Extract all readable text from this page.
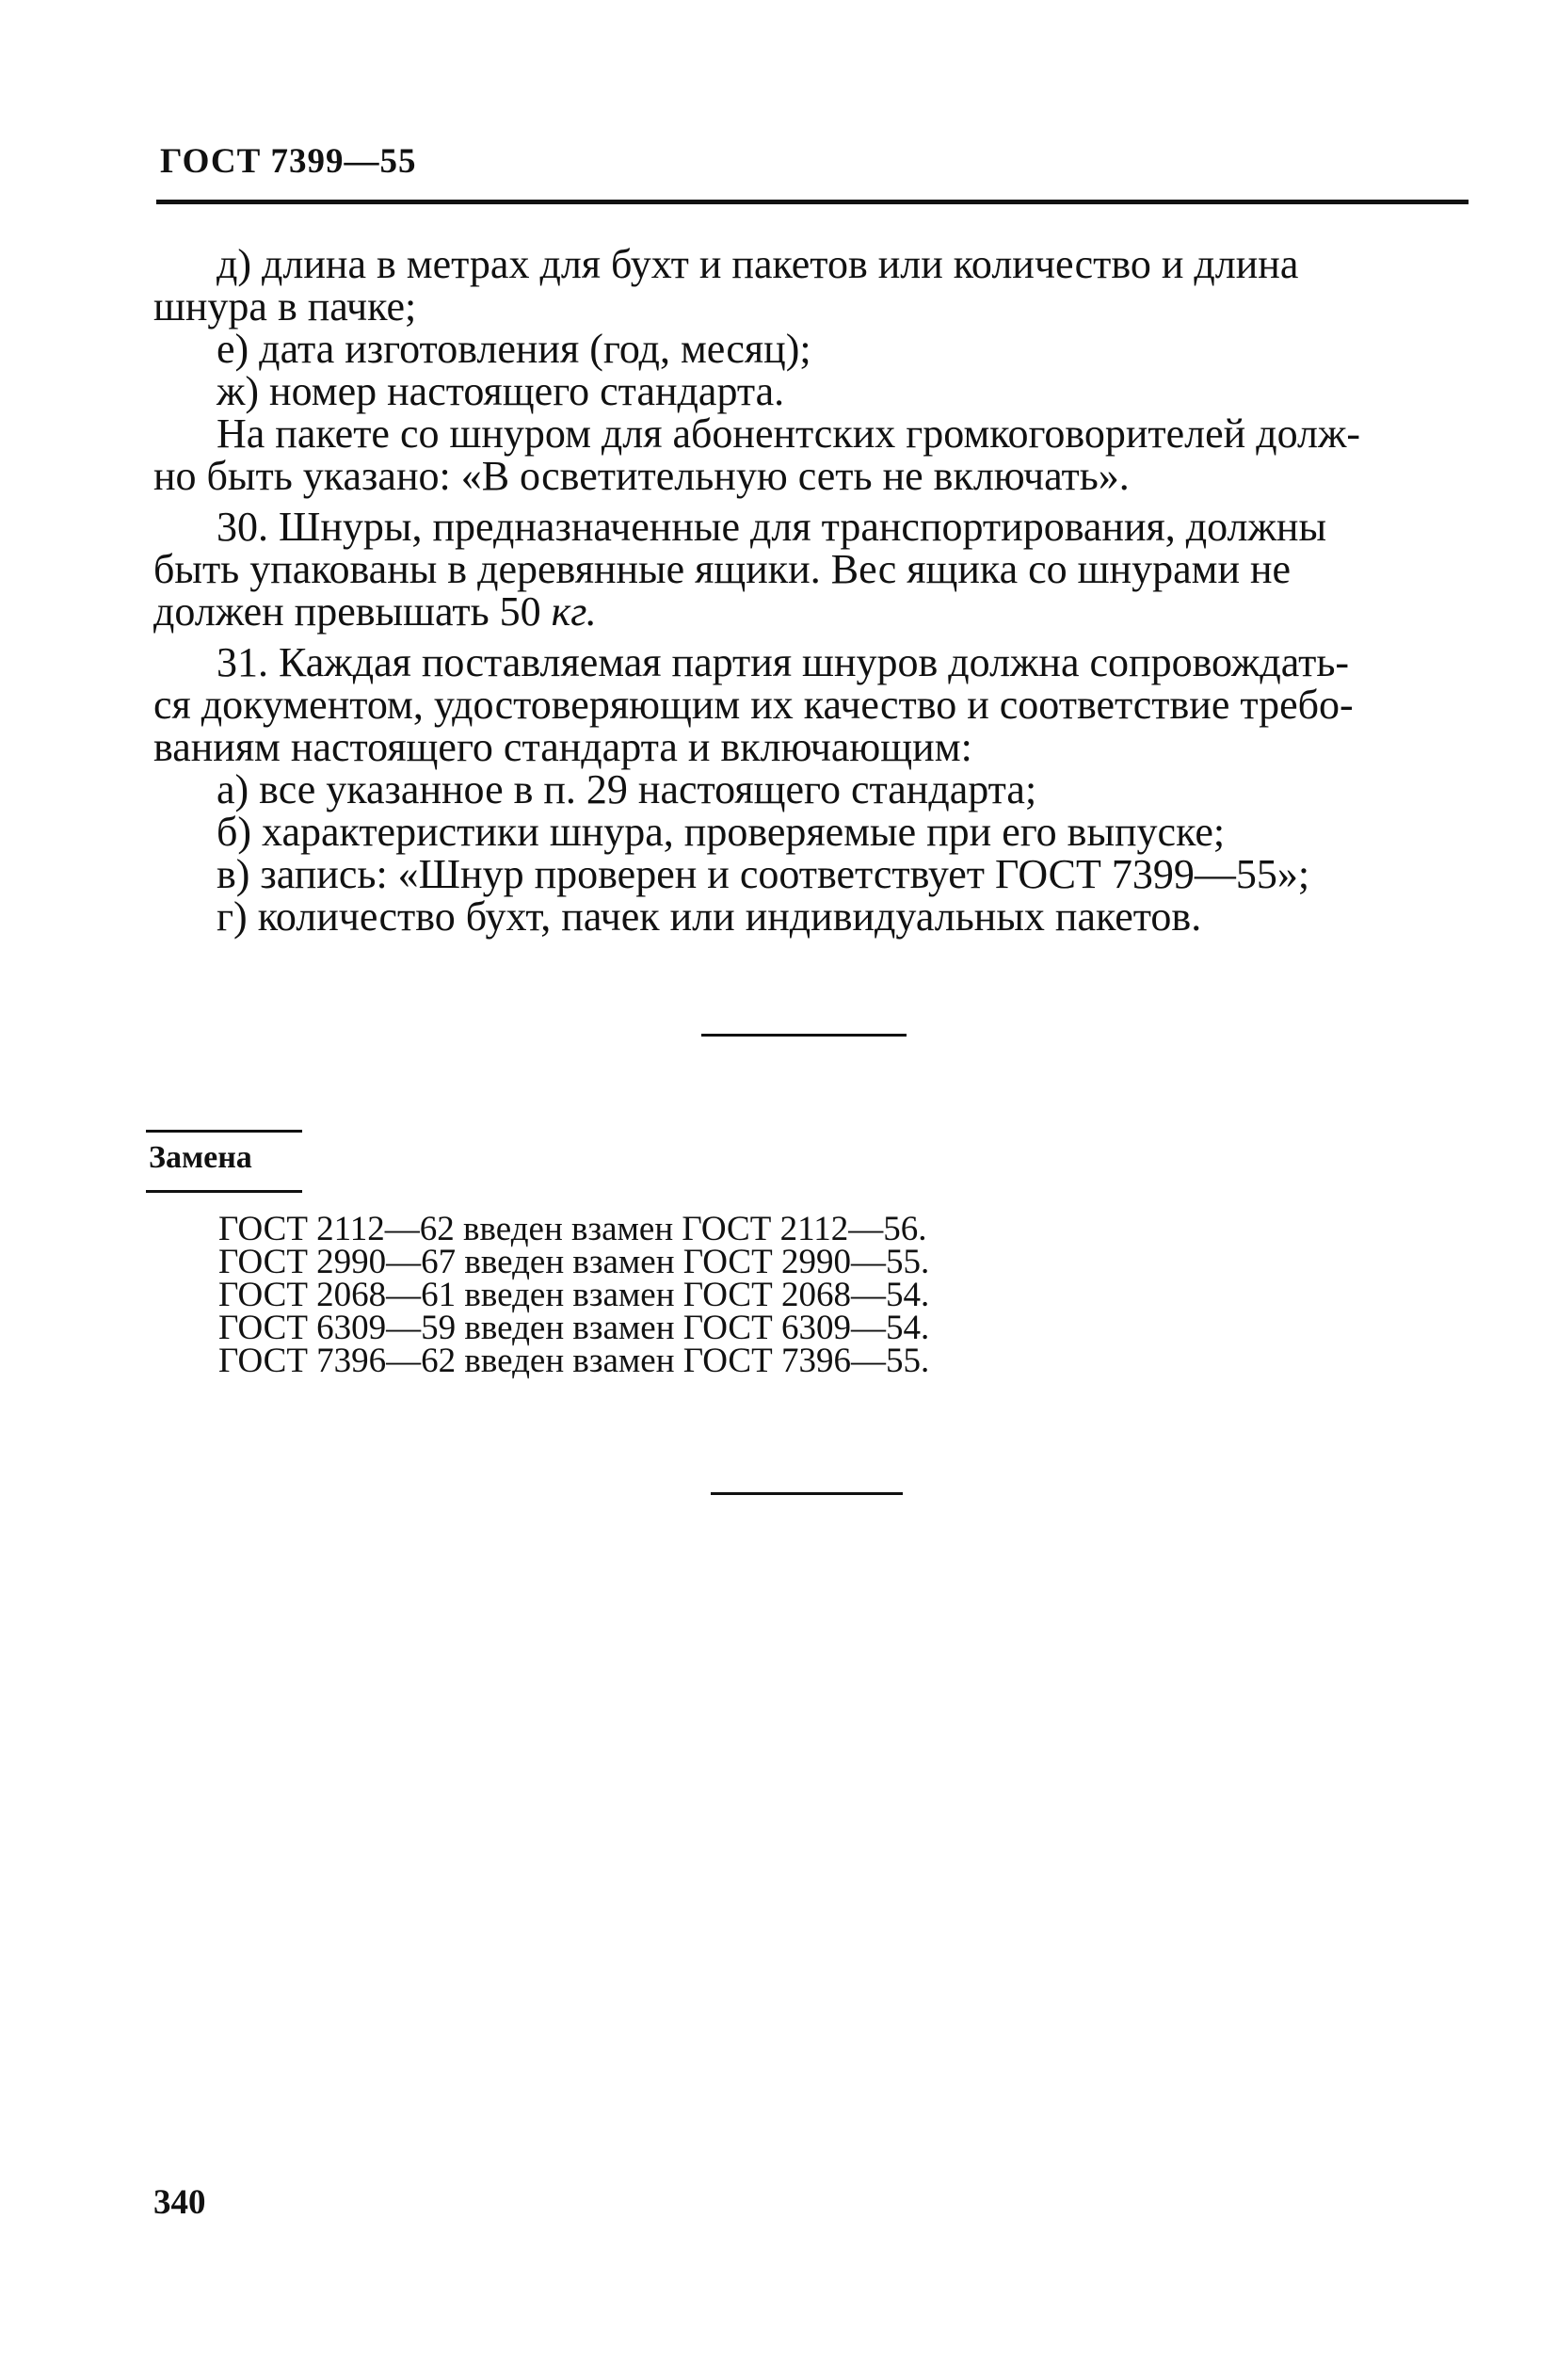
ГОСТ 7399—55

д) длина в метрах для бухт и пакетов или количество и длина

шнура в пачке;

е) дата изготовления (год, месяц);

ж) номер настоящего стандарта.

На пакете со шнуром для абонентских громкоговорителей долж-

но быть указано: «В осветительную сеть не включать».

30. Шнуры, предназначенные для транспортирования, должны

быть упакованы в деревянные ящики. Вес ящика со шнурами не

должен превышать 50 кг.

31. Каждая поставляемая партия шнуров должна сопровождать-

ся документом, удостоверяющим их качество и соответствие требо-

ваниям настоящего стандарта и включающим:

а) все указанное в п. 29 настоящего стандарта;

б) характеристики шнура, проверяемые при его выпуске;

в) запись: «Шнур проверен и соответствует ГОСТ 7399—55»;

г) количество бухт, пачек или индивидуальных пакетов.

Замена
ГОСТ 2112—62 введен взамен ГОСТ 2112—56.
ГОСТ 2990—67 введен взамен ГОСТ 2990—55.
ГОСТ 2068—61 введен взамен ГОСТ 2068—54.
ГОСТ 6309—59 введен взамен ГОСТ 6309—54.
ГОСТ 7396—62 введен взамен ГОСТ 7396—55.
340
